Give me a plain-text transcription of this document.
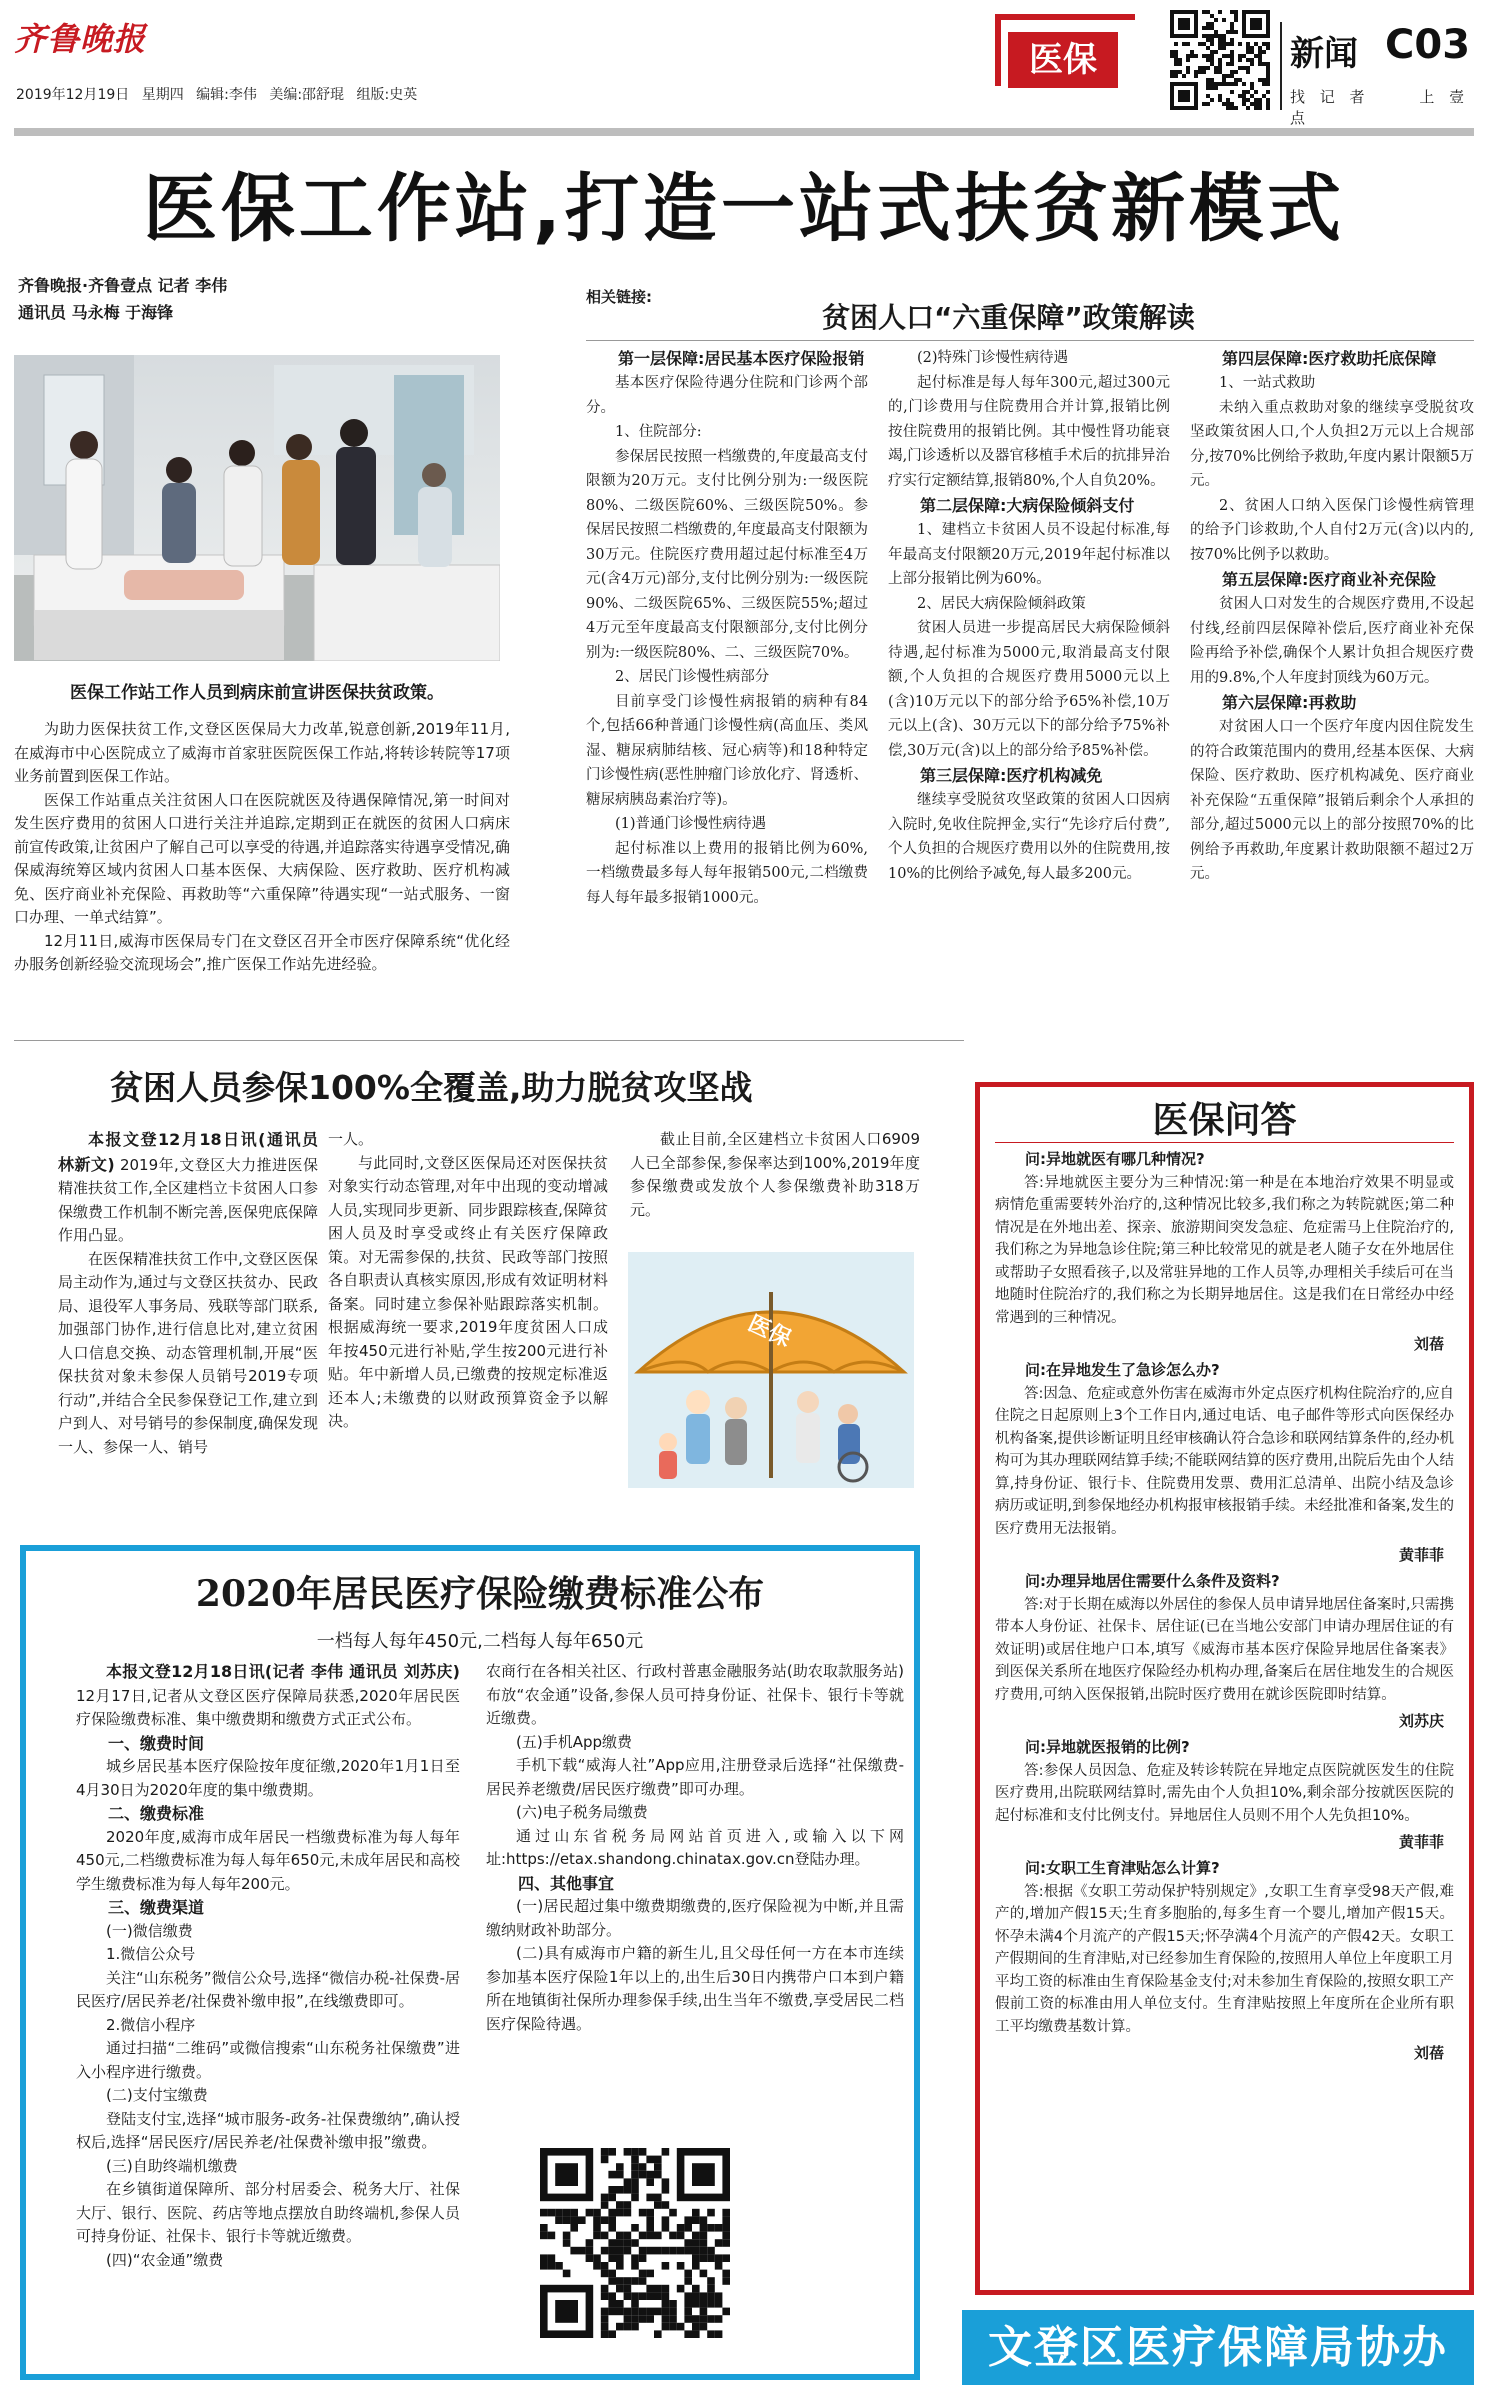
齐鲁晚报
2019年12月19日 星期四 编辑:李伟 美编:邵舒琨 组版:史英
医保	新闻 C03
找 记 者	上 壹 点
医保工作站,打造一站式扶贫新模式
齐鲁晚报·齐鲁壹点 记者 李伟
通讯员 马永梅 于海锋
医保工作站工作人员到病床前宣讲医保扶贫政策。

为助力医保扶贫工作,文登区医保局大力改革,锐意创新,2019年11月,在威海市中心医院成立了威海市首家驻医院医保工作站,将转诊转院等17项业务前置到医保工作站。

医保工作站重点关注贫困人口在医院就医及待遇保障情况,第一时间对发生医疗费用的贫困人口进行关注并追踪,定期到正在就医的贫困人口病床前宣传政策,让贫困户了解自己可以享受的待遇,并追踪落实待遇享受情况,确保威海统筹区域内贫困人口基本医保、大病保险、医疗救助、医疗机构减免、医疗商业补充保险、再救助等“六重保障”待遇实现“一站式服务、一窗口办理、一单式结算”。

12月11日,威海市医保局专门在文登区召开全市医疗保障系统“优化经办服务创新经验交流现场会”,推广医保工作站先进经验。

相关链接:
贫困人口“六重保障”政策解读
第一层保障:居民基本医疗保险报销

基本医疗保险待遇分住院和门诊两个部分。

1、住院部分:

参保居民按照一档缴费的,年度最高支付限额为20万元。支付比例分别为:一级医院80%、二级医院60%、三级医院50%。参保居民按照二档缴费的,年度最高支付限额为30万元。住院医疗费用超过起付标准至4万元(含4万元)部分,支付比例分别为:一级医院90%、二级医院65%、三级医院55%;超过4万元至年度最高支付限额部分,支付比例分别为:一级医院80%、二、三级医院70%。

2、居民门诊慢性病部分

目前享受门诊慢性病报销的病种有84个,包括66种普通门诊慢性病(高血压、类风湿、糖尿病肺结核、冠心病等)和18种特定门诊慢性病(恶性肿瘤门诊放化疗、肾透析、糖尿病胰岛素治疗等)。

(1)普通门诊慢性病待遇

起付标准以上费用的报销比例为60%,一档缴费最多每人每年报销500元,二档缴费每人每年最多报销1000元。

(2)特殊门诊慢性病待遇

起付标准是每人每年300元,超过300元的,门诊费用与住院费用合并计算,报销比例按住院费用的报销比例。其中慢性肾功能衰竭,门诊透析以及器官移植手术后的抗排异治疗实行定额结算,报销80%,个人自负20%。

第二层保障:大病保险倾斜支付

1、建档立卡贫困人员不设起付标准,每年最高支付限额20万元,2019年起付标准以上部分报销比例为60%。

2、居民大病保险倾斜政策

贫困人员进一步提高居民大病保险倾斜待遇,起付标准为5000元,取消最高支付限额,个人负担的合规医疗费用5000元以上(含)10万元以下的部分给予65%补偿,10万元以上(含)、30万元以下的部分给予75%补偿,30万元(含)以上的部分给予85%补偿。

第三层保障:医疗机构减免

继续享受脱贫攻坚政策的贫困人口因病入院时,免收住院押金,实行“先诊疗后付费”,个人负担的合规医疗费用以外的住院费用,按10%的比例给予减免,每人最多200元。

第四层保障:医疗救助托底保障

1、一站式救助

未纳入重点救助对象的继续享受脱贫攻坚政策贫困人口,个人负担2万元以上合规部分,按70%比例给予救助,年度内累计限额5万元。

2、贫困人口纳入医保门诊慢性病管理的给予门诊救助,个人自付2万元(含)以内的,按70%比例予以救助。

第五层保障:医疗商业补充保险

贫困人口对发生的合规医疗费用,不设起付线,经前四层保障补偿后,医疗商业补充保险再给予补偿,确保个人累计负担合规医疗费用的9.8%,个人年度封顶线为60万元。

第六层保障:再救助

对贫困人口一个医疗年度内因住院发生的符合政策范围内的费用,经基本医保、大病保险、医疗救助、医疗机构减免、医疗商业补充保险“五重保障”报销后剩余个人承担的部分,超过5000元以上的部分按照70%的比例给予再救助,年度累计救助限额不超过2万元。

贫困人员参保100%全覆盖,助力脱贫攻坚战

本报文登12月18日讯(通讯员 林新文) 2019年,文登区大力推进医保精准扶贫工作,全区建档立卡贫困人口参保缴费工作机制不断完善,医保兜底保障作用凸显。

在医保精准扶贫工作中,文登区医保局主动作为,通过与文登区扶贫办、民政局、退役军人事务局、残联等部门联系,加强部门协作,进行信息比对,建立贫困人口信息交换、动态管理机制,开展“医保扶贫对象未参保人员销号2019专项行动”,并结合全民参保登记工作,建立到户到人、对号销号的参保制度,确保发现一人、参保一人、销号

一人。

与此同时,文登区医保局还对医保扶贫对象实行动态管理,对年中出现的变动增减人员,实现同步更新、同步跟踪核查,保障贫困人员及时享受或终止有关医疗保障政策。对无需参保的,扶贫、民政等部门按照各自职责认真核实原因,形成有效证明材料备案。同时建立参保补贴跟踪落实机制。根据威海统一要求,2019年度贫困人口成年按450元进行补贴,学生按200元进行补贴。年中新增人员,已缴费的按规定标准返还本人;未缴费的以财政预算资金予以解决。

截止目前,全区建档立卡贫困人口6909人已全部参保,参保率达到100%,2019年度参保缴费或发放个人参保缴费补助318万元。

医保
2020年居民医疗保险缴费标准公布
一档每人每年450元,二档每人每年650元

本报文登12月18日讯(记者 李伟 通讯员 刘苏庆) 12月17日,记者从文登区医疗保障局获悉,2020年居民医疗保险缴费标准、集中缴费期和缴费方式正式公布。

一、缴费时间

城乡居民基本医疗保险按年度征缴,2020年1月1日至4月30日为2020年度的集中缴费期。

二、缴费标准

2020年度,威海市成年居民一档缴费标准为每人每年450元,二档缴费标准为每人每年650元,未成年居民和高校学生缴费标准为每人每年200元。

三、缴费渠道

(一)微信缴费

1.微信公众号

关注“山东税务”微信公众号,选择“微信办税-社保费-居民医疗/居民养老/社保费补缴申报”,在线缴费即可。

2.微信小程序

通过扫描“二维码”或微信搜索“山东税务社保缴费”进入小程序进行缴费。

(二)支付宝缴费

登陆支付宝,选择“城市服务-政务-社保费缴纳”,确认授权后,选择“居民医疗/居民养老/社保费补缴申报”缴费。

(三)自助终端机缴费

在乡镇街道保障所、部分村居委会、税务大厅、社保大厅、银行、医院、药店等地点摆放自助终端机,参保人员可持身份证、社保卡、银行卡等就近缴费。

(四)“农金通”缴费

农商行在各相关社区、行政村普惠金融服务站(助农取款服务站)布放“农金通”设备,参保人员可持身份证、社保卡、银行卡等就近缴费。

(五)手机App缴费

手机下载“威海人社”App应用,注册登录后选择“社保缴费-居民养老缴费/居民医疗缴费”即可办理。

(六)电子税务局缴费

通过山东省税务局网站首页进入,或输入以下网址:https://etax.shandong.chinatax.gov.cn登陆办理。

四、其他事宜

(一)居民超过集中缴费期缴费的,医疗保险视为中断,并且需缴纳财政补助部分。

(二)具有威海市户籍的新生儿,且父母任何一方在本市连续参加基本医疗保险1年以上的,出生后30日内携带户口本到户籍所在地镇街社保所办理参保手续,出生当年不缴费,享受居民二档医疗保险待遇。

医保问答
问:异地就医有哪几种情况?

答:异地就医主要分为三种情况:第一种是在本地治疗效果不明显或病情危重需要转外治疗的,这种情况比较多,我们称之为转院就医;第二种情况是在外地出差、探亲、旅游期间突发急症、危症需马上住院治疗的,我们称之为异地急诊住院;第三种比较常见的就是老人随子女在外地居住或帮助子女照看孩子,以及常驻异地的工作人员等,办理相关手续后可在当地随时住院治疗的,我们称之为长期异地居住。这是我们在日常经办中经常遇到的三种情况。

刘蓓
问:在异地发生了急诊怎么办?

答:因急、危症或意外伤害在威海市外定点医疗机构住院治疗的,应自住院之日起原则上3个工作日内,通过电话、电子邮件等形式向医保经办机构备案,提供诊断证明且经审核确认符合急诊和联网结算条件的,经办机构可为其办理联网结算手续;不能联网结算的医疗费用,出院后先由个人结算,持身份证、银行卡、住院费用发票、费用汇总清单、出院小结及急诊病历或证明,到参保地经办机构报审核报销手续。未经批准和备案,发生的医疗费用无法报销。

黄菲菲
问:办理异地居住需要什么条件及资料?

答:对于长期在威海以外居住的参保人员申请异地居住备案时,只需携带本人身份证、社保卡、居住证(已在当地公安部门申请办理居住证的有效证明)或居住地户口本,填写《威海市基本医疗保险异地居住备案表》到医保关系所在地医疗保险经办机构办理,备案后在居住地发生的合规医疗费用,可纳入医保报销,出院时医疗费用在就诊医院即时结算。

刘苏庆
问:异地就医报销的比例?

答:参保人员因急、危症及转诊转院在异地定点医院就医发生的住院医疗费用,出院联网结算时,需先由个人负担10%,剩余部分按就医医院的起付标准和支付比例支付。异地居住人员则不用个人先负担10%。

黄菲菲
问:女职工生育津贴怎么计算?

答:根据《女职工劳动保护特别规定》,女职工生育享受98天产假,难产的,增加产假15天;生育多胞胎的,每多生育一个婴儿,增加产假15天。怀孕未满4个月流产的产假15天;怀孕满4个月流产的产假42天。女职工产假期间的生育津贴,对已经参加生育保险的,按照用人单位上年度职工月平均工资的标准由生育保险基金支付;对未参加生育保险的,按照女职工产假前工资的标准由用人单位支付。生育津贴按照上年度所在企业所有职工平均缴费基数计算。

刘蓓
文登区医疗保障局协办
